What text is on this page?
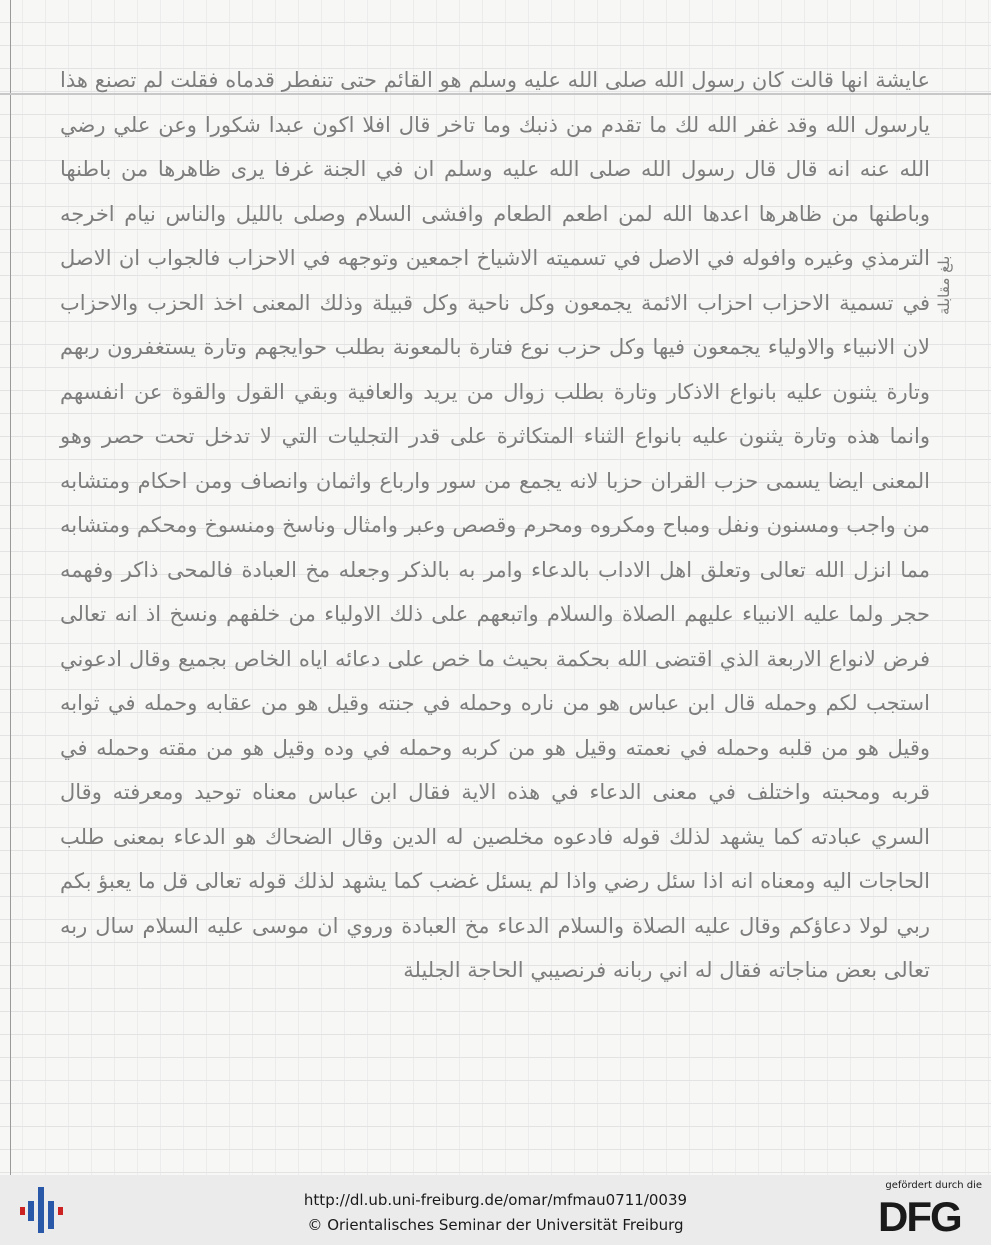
عايشة انها قالت كان رسول الله صلى الله عليه وسلم هو القائم حتى تنفطر قدماه فقلت لم تصنع هذا يارسول الله وقد غفر الله لك ما تقدم من ذنبك وما تاخر قال افلا اكون عبدا شكورا وعن علي رضي الله عنه انه قال قال رسول الله صلى الله عليه وسلم ان في الجنة غرفا يرى ظاهرها من باطنها وباطنها من ظاهرها اعدها الله لمن اطعم الطعام وافشى السلام وصلى بالليل والناس نيام اخرجه الترمذي وغيره وافوله في الاصل في تسميته الاشياخ اجمعين وتوجهه في الاحزاب فالجواب ان الاصل في تسمية الاحزاب احزاب الائمة يجمعون وكل ناحية وكل قبيلة وذلك المعنى اخذ الحزب والاحزاب لان الانبياء والاولياء يجمعون فيها وكل حزب نوع فتارة بالمعونة بطلب حوايجهم وتارة يستغفرون ربهم وتارة يثنون عليه بانواع الاذكار وتارة بطلب زوال من يريد والعافية وبقي القول والقوة عن انفسهم وانما هذه وتارة يثنون عليه بانواع الثناء المتكاثرة على قدر التجليات التي لا تدخل تحت حصر وهو المعنى ايضا يسمى حزب القران حزبا لانه يجمع من سور وارباع واثمان وانصاف ومن احكام ومتشابه من واجب ومسنون ونفل ومباح ومكروه ومحرم وقصص وعبر وامثال وناسخ ومنسوخ ومحكم ومتشابه مما انزل الله تعالى وتعلق اهل الاداب بالدعاء وامر به بالذكر وجعله مخ العبادة فالمحى ذاكر وفهمه حجر ولما عليه الانبياء عليهم الصلاة والسلام واتبعهم على ذلك الاولياء من خلفهم ونسخ اذ انه تعالى فرض لانواع الاربعة الذي اقتضى الله بحكمة بحيث ما خص على دعائه اياه الخاص بجميع وقال ادعوني استجب لكم وحمله قال ابن عباس هو من ناره وحمله في جنته وقيل هو من عقابه وحمله في ثوابه وقيل هو من قلبه وحمله في نعمته وقيل هو من كربه وحمله في وده وقيل هو من مقته وحمله في قربه ومحبته واختلف في معنى الدعاء في هذه الاية فقال ابن عباس معناه توحيد ومعرفته وقال السري عبادته كما يشهد لذلك قوله فادعوه مخلصين له الدين وقال الضحاك هو الدعاء بمعنى طلب الحاجات اليه ومعناه انه اذا سئل رضي واذا لم يسئل غضب كما يشهد لذلك قوله تعالى قل ما يعبؤ بكم ربي لولا دعاؤكم وقال عليه الصلاة والسلام الدعاء مخ العبادة وروي ان موسى عليه السلام سال ربه تعالى بعض مناجاته فقال له اني ربانه فرنصيبي الحاجة الجليلة
بلغ مقابلة
http://dl.ub.uni-freiburg.de/omar/mfmau0711/0039
© Orientalisches Seminar der Universität Freiburg
gefördert durch die
DFG
